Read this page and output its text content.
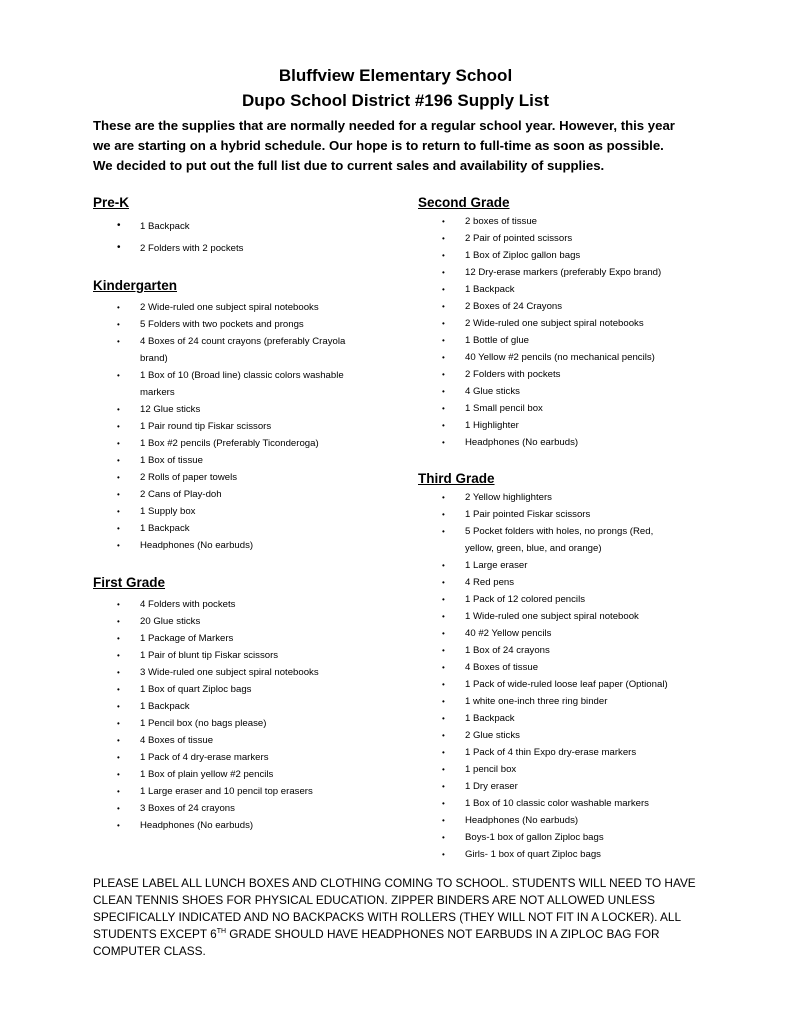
Bluffview Elementary School
Dupo School District #196 Supply List
These are the supplies that are normally needed for a regular school year. However, this year
we are starting on a hybrid schedule. Our hope is to return to full-time as soon as possible.
We decided to put out the full list due to current sales and availability of supplies.
Pre-K
• 1 Backpack
• 2 Folders with 2 pockets
Kindergarten
• 2 Wide-ruled one subject spiral notebooks
• 5 Folders with two pockets and prongs
• 4 Boxes of 24 count crayons (preferably Crayola
brand)
• 1 Box of 10 (Broad line) classic colors washable
markers
• 12 Glue sticks
• 1 Pair round tip Fiskar scissors
• 1 Box #2 pencils (Preferably Ticonderoga)
• 1 Box of tissue
• 2 Rolls of paper towels
• 2 Cans of Play-doh
• 1 Supply box
• 1 Backpack
• Headphones (No earbuds)
First Grade
• 4 Folders with pockets
• 20 Glue sticks
• 1 Package of Markers
• 1 Pair of blunt tip Fiskar scissors
• 3 Wide-ruled one subject spiral notebooks
• 1 Box of quart Ziploc bags
• 1 Backpack
• 1 Pencil box (no bags please)
• 4 Boxes of tissue
• 1 Pack of 4 dry-erase markers
• 1 Box of plain yellow #2 pencils
• 1 Large eraser and 10 pencil top erasers
• 3 Boxes of 24 crayons
• Headphones (No earbuds)
Second Grade
• 2 boxes of tissue
• 2 Pair of pointed scissors
• 1 Box of Ziploc gallon bags
• 12 Dry-erase markers (preferably Expo brand)
• 1 Backpack
• 2 Boxes of 24 Crayons
• 2 Wide-ruled one subject spiral notebooks
• 1 Bottle of glue
• 40 Yellow #2 pencils (no mechanical pencils)
• 2 Folders with pockets
• 4 Glue sticks
• 1 Small pencil box
• 1 Highlighter
• Headphones (No earbuds)
Third Grade
• 2 Yellow highlighters
• 1 Pair pointed Fiskar scissors
• 5 Pocket folders with holes, no prongs (Red,
yellow, green, blue, and orange)
• 1 Large eraser
• 4 Red pens
• 1 Pack of 12 colored pencils
• 1 Wide-ruled one subject spiral notebook
• 40 #2 Yellow pencils
• 1 Box of 24 crayons
• 4 Boxes of tissue
• 1 Pack of wide-ruled loose leaf paper (Optional)
• 1 white one-inch three ring binder
• 1 Backpack
• 2 Glue sticks
• 1 Pack of 4 thin Expo dry-erase markers
• 1 pencil box
• 1 Dry eraser
• 1 Box of 10 classic color washable markers
• Headphones (No earbuds)
• Boys-1 box of gallon Ziploc bags
• Girls- 1 box of quart Ziploc bags
PLEASE LABEL ALL LUNCH BOXES AND CLOTHING COMING TO SCHOOL. STUDENTS WILL NEED TO HAVE
CLEAN TENNIS SHOES FOR PHYSICAL EDUCATION. ZIPPER BINDERS ARE NOT ALLOWED UNLESS
SPECIFICALLY INDICATED AND NO BACKPACKS WITH ROLLERS (THEY WILL NOT FIT IN A LOCKER). ALL
STUDENTS EXCEPT 6TH GRADE SHOULD HAVE HEADPHONES NOT EARBUDS IN A ZIPLOC BAG FOR
COMPUTER CLASS.
